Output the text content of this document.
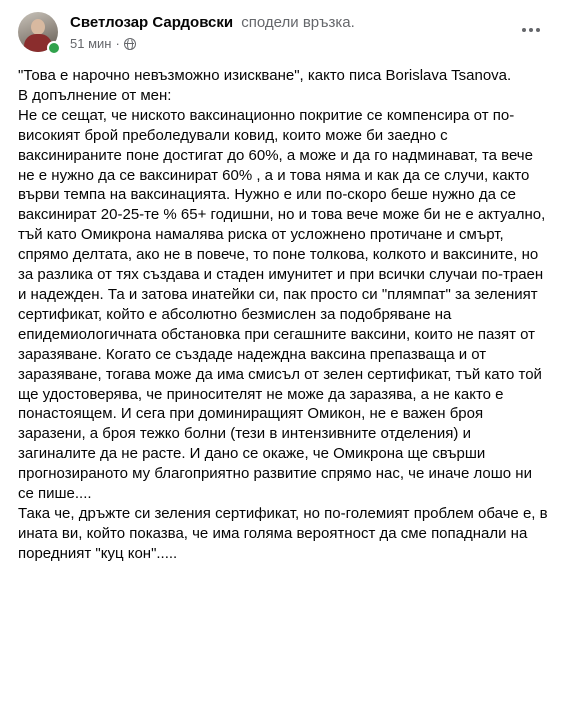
Светлозар Сардовски сподели връзка.
51 мин ·

"Това е нарочно невъзможно изискване", както писа Borislava Tsanova.

В допълнение от мен:

Не се сещат, че ниското ваксинационно покритие се компенсира от по-високият брой преболедували ковид, които може би заедно с ваксинираните поне достигат до 60%, а може и да го надминават, та вече не е нужно да се ваксинират 60% , а и това няма и как да се случи, както върви темпа на ваксинацията. Нужно е или по-скоро беше нужно да се ваксинират 20-25-те % 65+ годишни, но и това вече може би не е актуално, тъй като Омикрона намалява риска от усложнено протичане и смърт, спрямо делтата, ако не в повече, то поне толкова, колкото и ваксините, но за разлика от тях създава и стаден имунитет и при всички случаи по-траен и надежден. Та и затова инатейки си, пак просто си "плямпат" за зеленият сертификат, който е абсолютно безмислен за подобряване на епидемиологичната обстановка при сегашните ваксини, които не пазят от заразяване. Когато се създаде надеждна ваксина препазваща и от заразяване, тогава може да има смисъл от зелен сертификат, тъй като той ще удостоверява, че приносителят не може да заразява, а не както е понастоящем. И сега при доминиращият Омикон, не е важен броя заразени, а броя тежко болни (тези в интензивните отделения) и загиналите да не расте. И дано се окаже, че Омикрона ще свърши прогнозираното му благоприятно развитие спрямо нас, че иначе лошо ни се пише....

Така че, дръжте си зеления сертификат, но по-големият проблем обаче е, в ината ви, който показва, че има голяма вероятност да сме попаднали на поредният "куц кон".....
